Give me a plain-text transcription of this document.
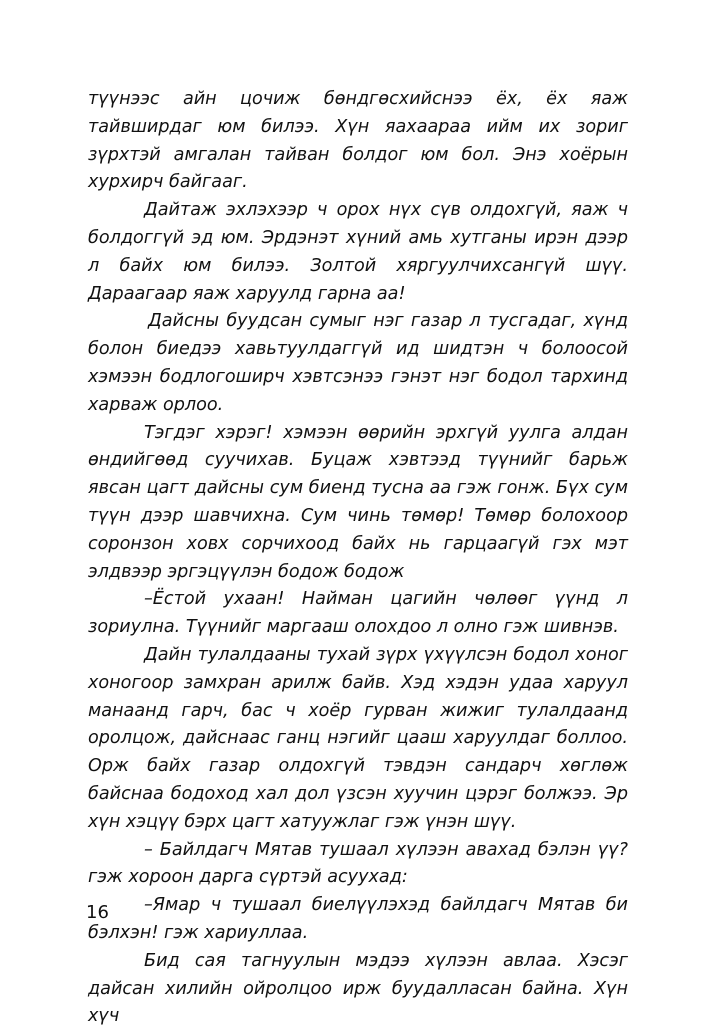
түүнээс айн цочиж бөндгөсхийснээ ёх, ёх яаж тайвширдаг юм билээ. Хүн яахаараа ийм их зориг зүрхтэй амгалан тайван болдог юм бол. Энэ хоёрын хурхирч байгааг.

Дайтаж эхлэхээр ч орох нүх сүв олдохгүй, яаж ч болдоггүй эд юм. Эрдэнэт хүний амь хутганы ирэн дээр л байх юм билээ. Золтой хяргуулчихсангүй шүү. Дараагаар яаж харуулд гарна аа!

Дайсны буудсан сумыг нэг газар л тусгадаг, хүнд болон биедээ хавьтуулдаггүй ид шидтэн ч болоосой хэмээн бодлогоширч хэвтсэнээ гэнэт нэг бодол тархинд харваж орлоо.

Тэгдэг хэрэг! хэмээн өөрийн эрхгүй уулга алдан өндийгөөд суучихав. Буцаж хэвтээд түүнийг барьж явсан цагт дайсны сум биенд тусна аа гэж гонж. Бүх сум түүн дээр шавчихна. Сум чинь төмөр! Төмөр болохоор соронзон ховх сорчихоод байх нь гарцаагүй гэх мэт элдвээр эргэцүүлэн бодож бодож

–Ёстой ухаан! Найман цагийн чөлөөг үүнд л зориулна. Түүнийг маргааш олохдоо л олно гэж шивнэв.

Дайн тулалдааны тухай зүрх үхүүлсэн бодол хоног хоногоор замхран арилж байв. Хэд хэдэн удаа харуул манаанд гарч, бас ч хоёр гурван жижиг тулалдаанд оролцож, дайснаас ганц нэгийг цааш харуулдаг боллоо. Орж байх газар олдохгүй тэвдэн сандарч хөглөж байснаа бодоход хал дол үзсэн хуучин цэрэг болжээ. Эр хүн хэцүү бэрх цагт хатуужлаг гэж үнэн шүү.

– Байлдагч Мятав тушаал хүлээн авахад бэлэн үү? гэж хороон дарга сүртэй асуухад:

–Ямар ч тушаал биелүүлэхэд байлдагч Мятав би бэлхэн! гэж хариуллаа.

Бид сая тагнуулын мэдээ хүлээн авлаа. Хэсэг дайсан хилийн ойролцоо ирж буудалласан байна. Хүн хүч

16
